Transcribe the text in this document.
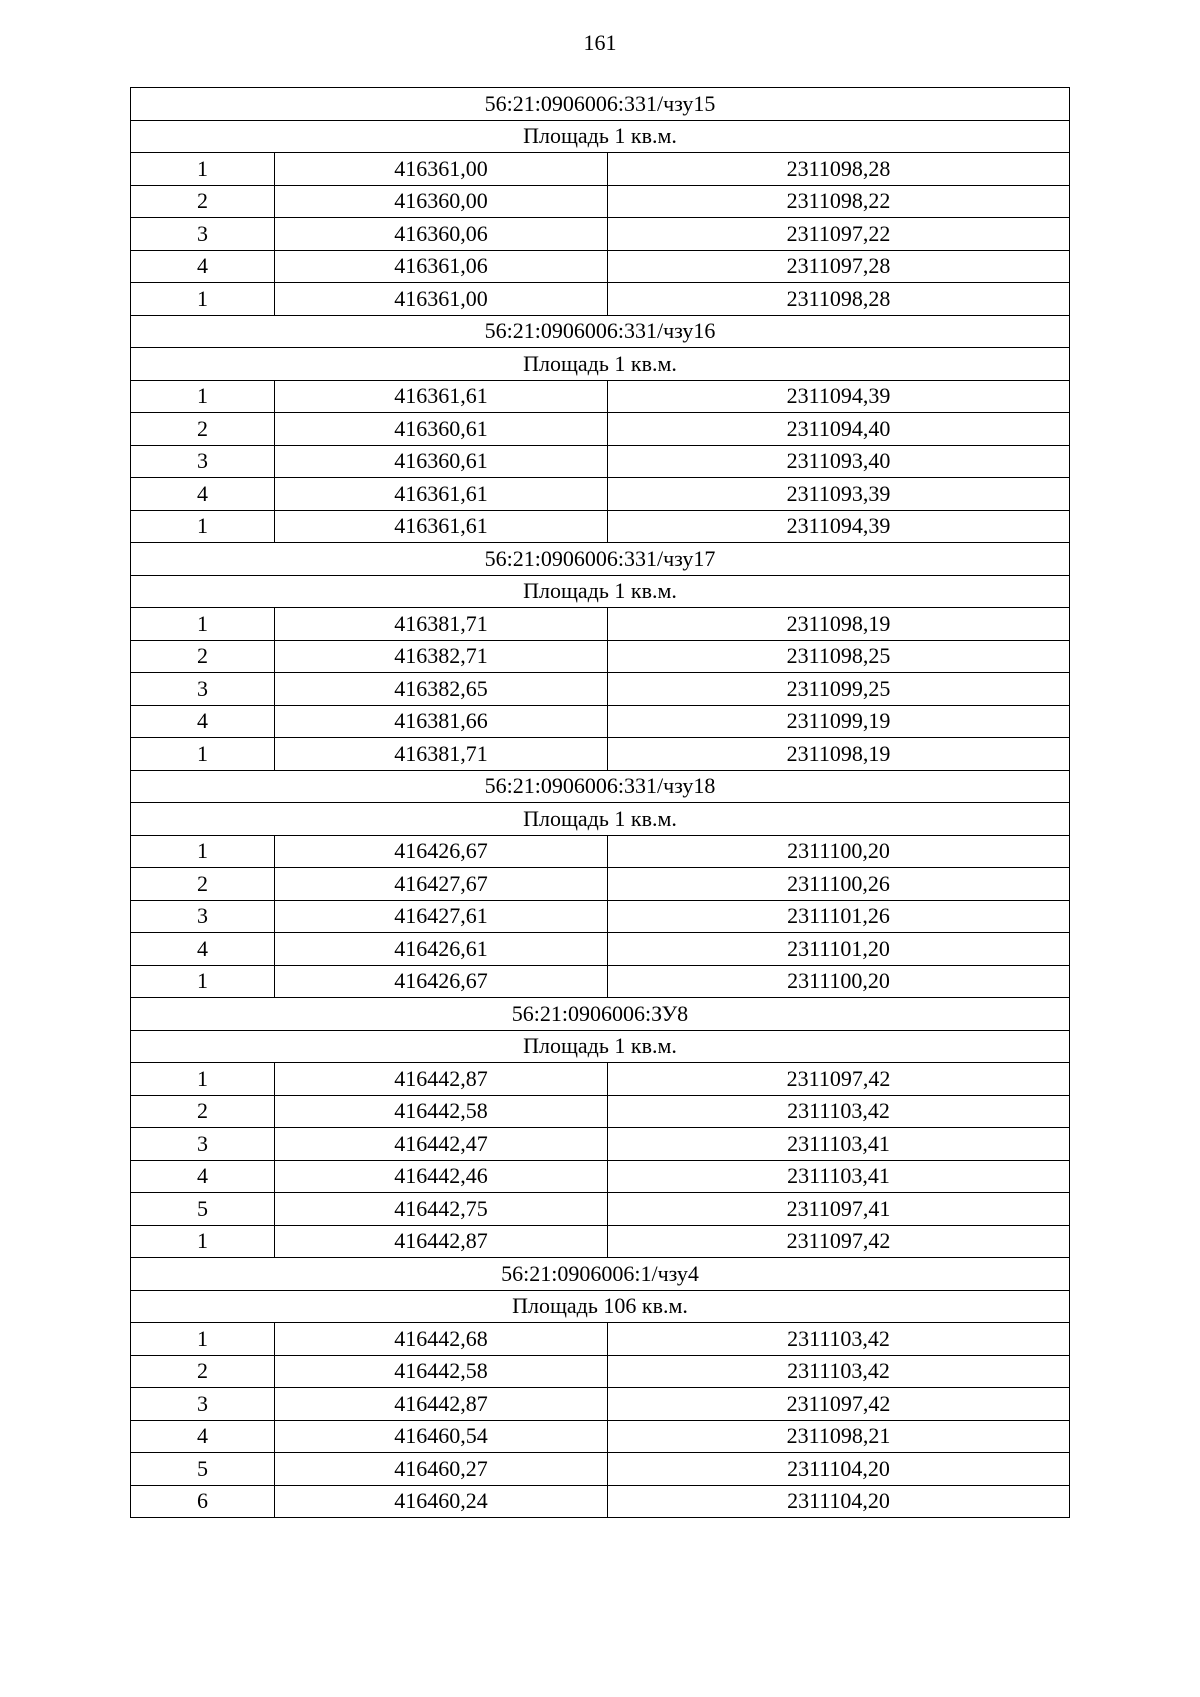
161
56:21:0906006:331/чзу15		
Площадь 1 кв.м.		
1	416361,00	2311098,28
2	416360,00	2311098,22
3	416360,06	2311097,22
4	416361,06	2311097,28
1	416361,00	2311098,28
56:21:0906006:331/чзу16		
Площадь 1 кв.м.		
1	416361,61	2311094,39
2	416360,61	2311094,40
3	416360,61	2311093,40
4	416361,61	2311093,39
1	416361,61	2311094,39
56:21:0906006:331/чзу17		
Площадь 1 кв.м.		
1	416381,71	2311098,19
2	416382,71	2311098,25
3	416382,65	2311099,25
4	416381,66	2311099,19
1	416381,71	2311098,19
56:21:0906006:331/чзу18		
Площадь 1 кв.м.		
1	416426,67	2311100,20
2	416427,67	2311100,26
3	416427,61	2311101,26
4	416426,61	2311101,20
1	416426,67	2311100,20
56:21:0906006:ЗУ8		
Площадь 1 кв.м.		
1	416442,87	2311097,42
2	416442,58	2311103,42
3	416442,47	2311103,41
4	416442,46	2311103,41
5	416442,75	2311097,41
1	416442,87	2311097,42
56:21:0906006:1/чзу4		
Площадь 106 кв.м.		
1	416442,68	2311103,42
2	416442,58	2311103,42
3	416442,87	2311097,42
4	416460,54	2311098,21
5	416460,27	2311104,20
6	416460,24	2311104,20
